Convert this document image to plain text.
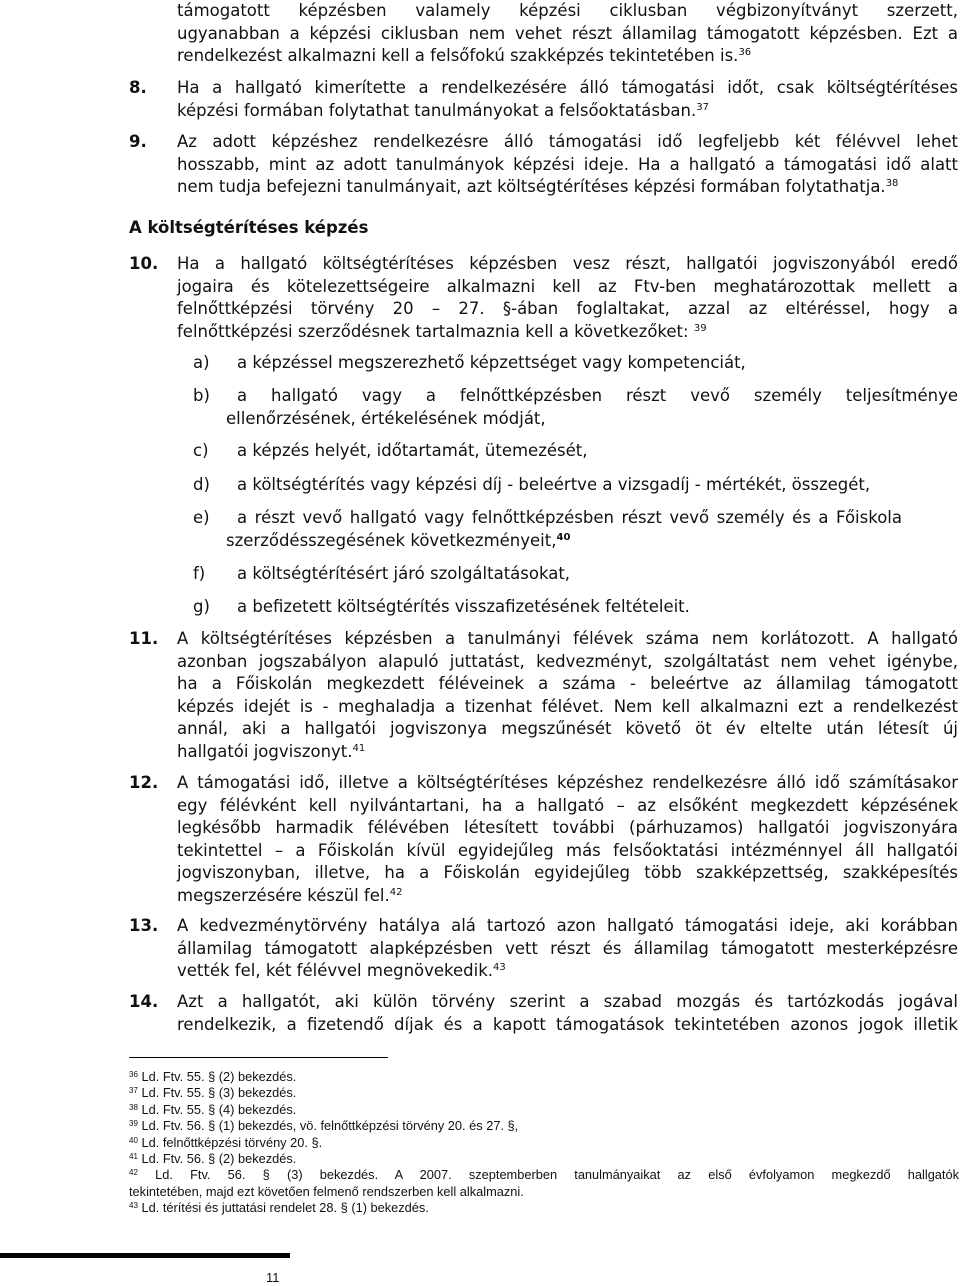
támogatott képzésben valamely képzési ciklusban végbizonyítványt szerzett,
ugyanabban a képzési ciklusban nem vehet részt államilag támogatott képzésben. Ezt a
rendelkezést alkalmazni kell a felsőfokú szakképzés tekintetében is.$^{36}$
8. Ha a hallgató kimerítette a rendelkezésére álló támogatási időt, csak költségtérítéses
képzési formában folytathat tanulmányokat a felsőoktatásban.$^{37}$
9. Az adott képzéshez rendelkezésre álló támogatási idő legfeljebb két félévvel lehet
hosszabb, mint az adott tanulmányok képzési ideje. Ha a hallgató a támogatási idő alatt
nem tudja befejezni tanulmányait, azt költségtérítéses képzési formában folytathatja.$^{38}$
A költségtérítéses képzés
10. Ha a hallgató költségtérítéses képzésben vesz részt, hallgatói jogviszonyából eredő
jogaira és kötelezettségeire alkalmazni kell az Ftv-ben meghatározottak mellett a
felnőttképzési törvény 20 – 27. §-ában foglaltakat, azzal az eltéréssel, hogy a
felnőttképzési szerződésnek tartalmaznia kell a következőket: $^{39}$
a) a képzéssel megszerezhető képzettséget vagy kompetenciát,
b)	a hallgató vagy a felnőttképzésben részt vevő személy teljesítménye
ellenőrzésének, értékelésének módját,
c) a képzés helyét, időtartamát, ütemezését,
d) a költségtérítés vagy képzési díj - beleértve a vizsgadíj - mértékét, összegét,
e)	a részt vevő hallgató vagy felnőttképzésben részt vevő személy és a Főiskola
szerződésszegésének következményeit,$^{40}$
f) a költségtérítésért járó szolgáltatásokat,
g) a befizetett költségtérítés visszafizetésének feltételeit.
11. A költségtérítéses képzésben a tanulmányi félévek száma nem korlátozott. A hallgató
azonban jogszabályon alapuló juttatást, kedvezményt, szolgáltatást nem vehet igénybe,
ha a Főiskolán megkezdett féléveinek a száma - beleértve az államilag támogatott
képzés idejét is - meghaladja a tizenhat félévet. Nem kell alkalmazni ezt a rendelkezést
annál, aki a hallgatói jogviszonya megszűnését követő öt év eltelte után létesít új
hallgatói jogviszonyt.$^{41}$
12. A támogatási idő, illetve a költségtérítéses képzéshez rendelkezésre álló idő számításakor
egy félévként kell nyilvántartani, ha a hallgató – az elsőként megkezdett képzésének
legkésőbb harmadik félévében létesített további (párhuzamos) hallgatói jogviszonyára
tekintettel – a Főiskolán kívül egyidejűleg más felsőoktatási intézménnyel áll hallgatói
jogviszonyban, illetve, ha a Főiskolán egyidejűleg több szakképzettség, szakképesítés
megszerzésére készül fel.$^{42}$
13. A kedvezménytörvény hatálya alá tartozó azon hallgató támogatási ideje, aki korábban
államilag támogatott alapképzésben vett részt és államilag támogatott mesterképzésre
vették fel, két félévvel megnövekedik.$^{43}$
14. Azt a hallgatót, aki külön törvény szerint a szabad mozgás és tartózkodás jogával
rendelkezik, a fizetendő díjak és a kapott támogatások tekintetében azonos jogok illetik
$^{36}$ Ld. Ftv. 55. § (2) bekezdés.
$^{37}$ Ld. Ftv. 55. § (3) bekezdés.
$^{38}$ Ld. Ftv. 55. § (4) bekezdés.
$^{39}$ Ld. Ftv. 56. § (1) bekezdés, vö. felnőttképzési törvény 20. és 27. §,
$^{40}$ Ld. felnőttképzési törvény 20. §.
$^{41}$ Ld. Ftv. 56. § (2) bekezdés.
$^{42}$ Ld. Ftv. 56. § (3) bekezdés. A 2007. szeptemberben tanulmányaikat az első évfolyamon megkezdő hallgatók
tekintetében, majd ezt követően felmenő rendszerben kell alkalmazni.
$^{43}$ Ld. térítési és juttatási rendelet 28. § (1) bekezdés.
11
